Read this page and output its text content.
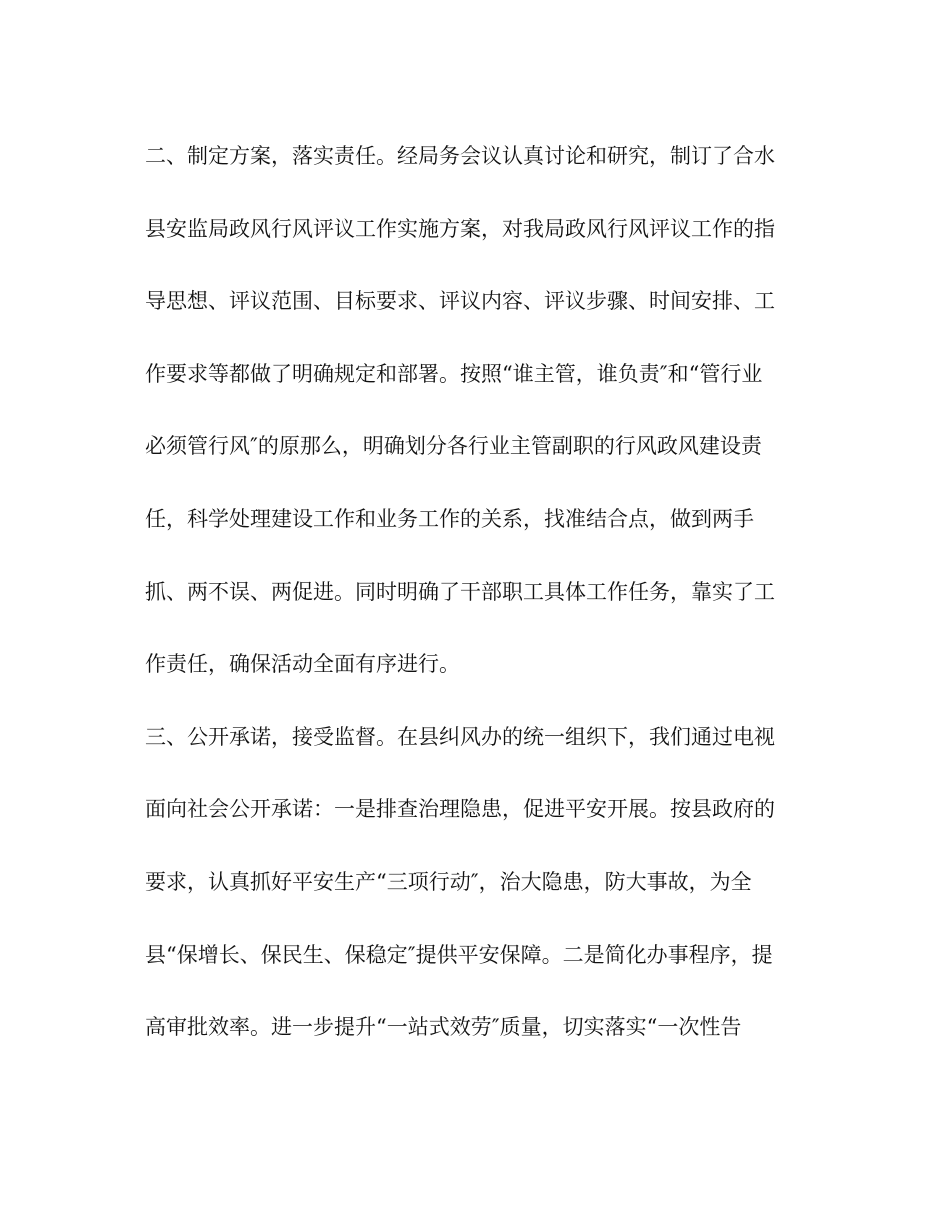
二、制定方案，落实责任。经局务会议认真讨论和研究，制订了合水
县安监局政风行风评议工作实施方案，对我局政风行风评议工作的指
导思想、评议范围、目标要求、评议内容、评议步骤、时间安排、工
作要求等都做了明确规定和部署。按照“谁主管，谁负责″和“管行业
必须管行风″的原那么，明确划分各行业主管副职的行风政风建设责
任，科学处理建设工作和业务工作的关系，找准结合点，做到两手
抓、两不误、两促进。同时明确了干部职工具体工作任务，靠实了工
作责任，确保活动全面有序进行。
三、公开承诺，接受监督。在县纠风办的统一组织下，我们通过电视
面向社会公开承诺：一是排查治理隐患，促进平安开展。按县政府的
要求，认真抓好平安生产“三项行动″，治大隐患，防大事故，为全
县“保增长、保民生、保稳定″提供平安保障。二是简化办事程序，提
高审批效率。进一步提升“一站式效劳″质量，切实落实“一次性告
